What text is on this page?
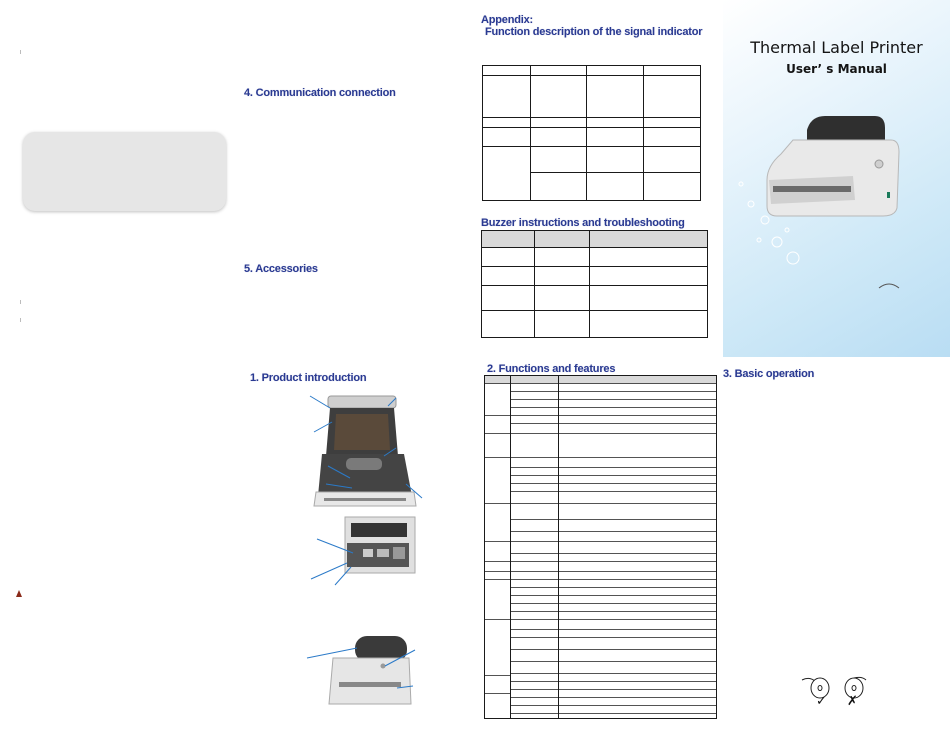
4. Communication connection
5. Accessories
1. Product introduction
Appendix:
Function description of the signal indicator

Buzzer instructions and troubleshooting

2. Functions and features
Thermal Label Printer
User’ s Manual
3. Basic operation
✓ ✗
